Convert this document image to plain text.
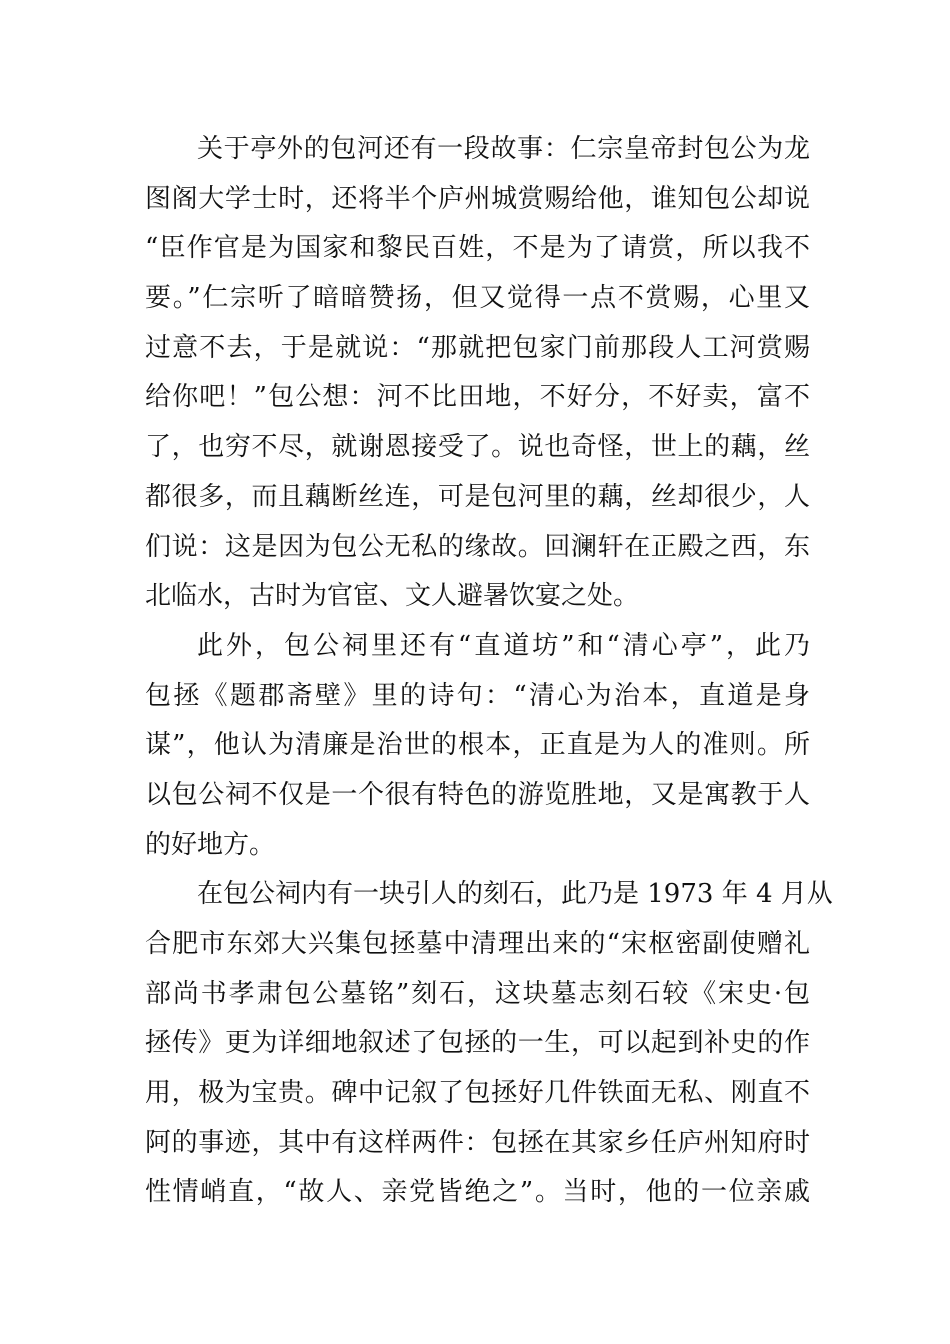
关于亭外的包河还有一段故事：仁宗皇帝封包公为龙
图阁大学士时，还将半个庐州城赏赐给他，谁知包公却说
“臣作官是为国家和黎民百姓，不是为了请赏，所以我不
要。”仁宗听了暗暗赞扬，但又觉得一点不赏赐，心里又
过意不去，于是就说：“那就把包家门前那段人工河赏赐
给你吧！”包公想：河不比田地，不好分，不好卖，富不
了，也穷不尽，就谢恩接受了。说也奇怪，世上的藕，丝
都很多，而且藕断丝连，可是包河里的藕，丝却很少，人
们说：这是因为包公无私的缘故。回澜轩在正殿之西，东
北临水，古时为官宦、文人避暑饮宴之处。
此外，包公祠里还有“直道坊”和“清心亭”，此乃
包拯《题郡斋壁》里的诗句：“清心为治本，直道是身
谋”，他认为清廉是治世的根本，正直是为人的准则。所
以包公祠不仅是一个很有特色的游览胜地，又是寓教于人
的好地方。
在包公祠内有一块引人的刻石，此乃是 1973 年 4 月从
合肥市东郊大兴集包拯墓中清理出来的“宋枢密副使赠礼
部尚书孝肃包公墓铭”刻石，这块墓志刻石较《宋史·包
拯传》更为详细地叙述了包拯的一生，可以起到补史的作
用，极为宝贵。碑中记叙了包拯好几件铁面无私、刚直不
阿的事迹，其中有这样两件：包拯在其家乡任庐州知府时
性情峭直，“故人、亲党皆绝之”。当时，他的一位亲戚
